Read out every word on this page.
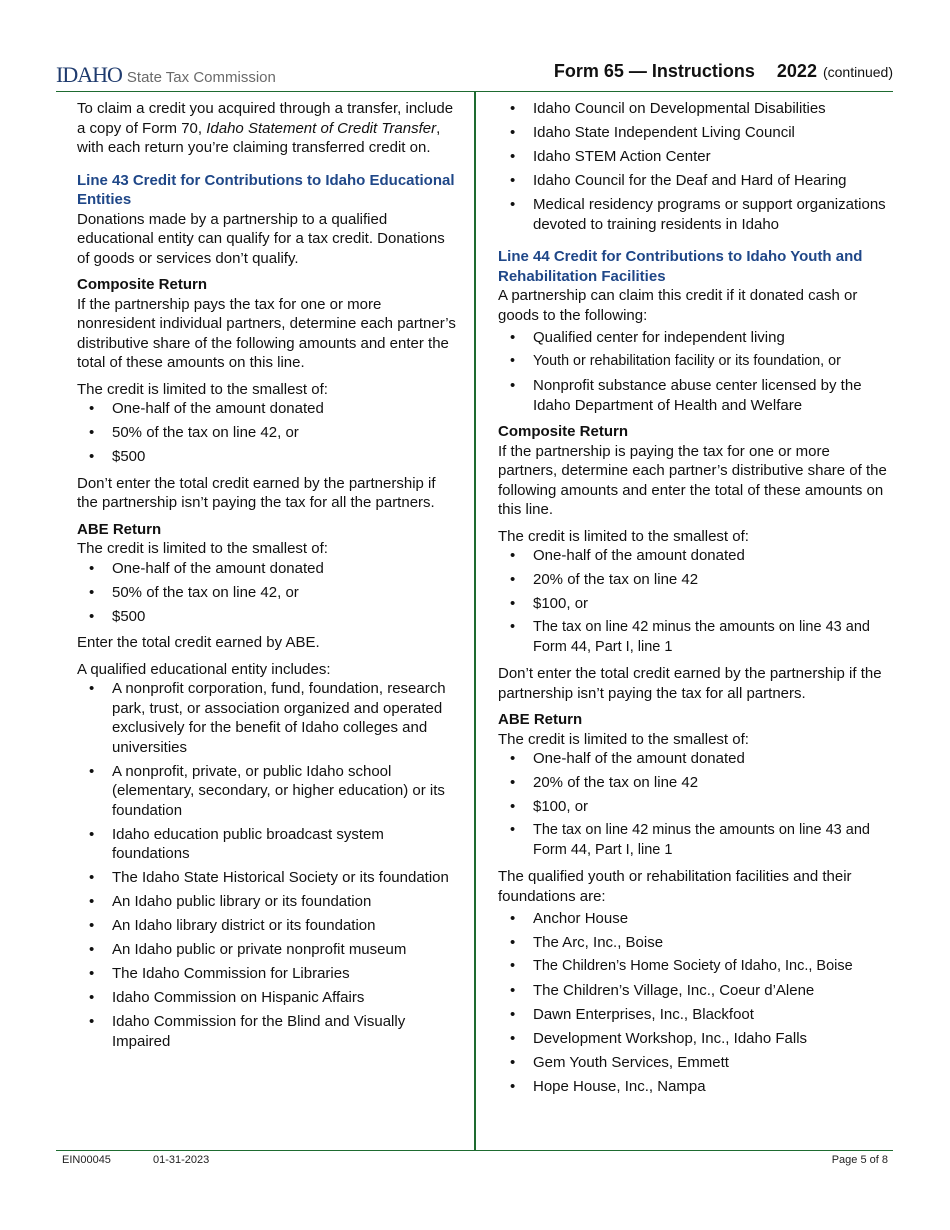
IDAHO State Tax Commission	Form 65 — Instructions 2022 (continued)

To claim a credit you acquired through a transfer, include a copy of Form 70, Idaho Statement of Credit Transfer, with each return you’re claiming transferred credit on.

Line 43 Credit for Contributions to Idaho Educational Entities

Donations made by a partnership to a qualified educational entity can qualify for a tax credit. Donations of goods or services don’t qualify.

Composite Return

If the partnership pays the tax for one or more nonresident individual partners, determine each partner’s distributive share of the following amounts and enter the total of these amounts on this line.

The credit is limited to the smallest of:

• One-half of the amount donated
• 50% of the tax on line 42, or
• $500

Don’t enter the total credit earned by the partnership if the partnership isn’t paying the tax for all the partners.

ABE Return

The credit is limited to the smallest of:

• One-half of the amount donated
• 50% of the tax on line 42, or
• $500

Enter the total credit earned by ABE.

A qualified educational entity includes:

• A nonprofit corporation, fund, foundation, research park, trust, or association organized and operated exclusively for the benefit of Idaho colleges and universities
• A nonprofit, private, or public Idaho school (elementary, secondary, or higher education) or its foundation
• Idaho education public broadcast system foundations
• The Idaho State Historical Society or its foundation
• An Idaho public library or its foundation
• An Idaho library district or its foundation
• An Idaho public or private nonprofit museum
• The Idaho Commission for Libraries
• Idaho Commission on Hispanic Affairs
• Idaho Commission for the Blind and Visually Impaired
• Idaho Council on Developmental Disabilities
• Idaho State Independent Living Council
• Idaho STEM Action Center
• Idaho Council for the Deaf and Hard of Hearing
• Medical residency programs or support organizations devoted to training residents in Idaho
Line 44 Credit for Contributions to Idaho Youth and Rehabilitation Facilities

A partnership can claim this credit if it donated cash or goods to the following:

• Qualified center for independent living
• Youth or rehabilitation facility or its foundation, or
• Nonprofit substance abuse center licensed by the Idaho Department of Health and Welfare
Composite Return

If the partnership is paying the tax for one or more partners, determine each partner’s distributive share of the following amounts and enter the total of these amounts on this line.

The credit is limited to the smallest of:

• One-half of the amount donated
• 20% of the tax on line 42
• $100, or
• The tax on line 42 minus the amounts on line 43 and Form 44, Part I, line 1

Don’t enter the total credit earned by the partnership if the partnership isn’t paying the tax for all partners.

ABE Return

The credit is limited to the smallest of:

• One-half of the amount donated
• 20% of the tax on line 42
• $100, or
• The tax on line 42 minus the amounts on line 43 and Form 44, Part I, line 1

The qualified youth or rehabilitation facilities and their foundations are:

• Anchor House
• The Arc, Inc., Boise
• The Children’s Home Society of Idaho, Inc., Boise
• The Children’s Village, Inc., Coeur d’Alene
• Dawn Enterprises, Inc., Blackfoot
• Development Workshop, Inc., Idaho Falls
• Gem Youth Services, Emmett
• Hope House, Inc., Nampa
EIN00045	01-31-2023	Page 5 of 8
